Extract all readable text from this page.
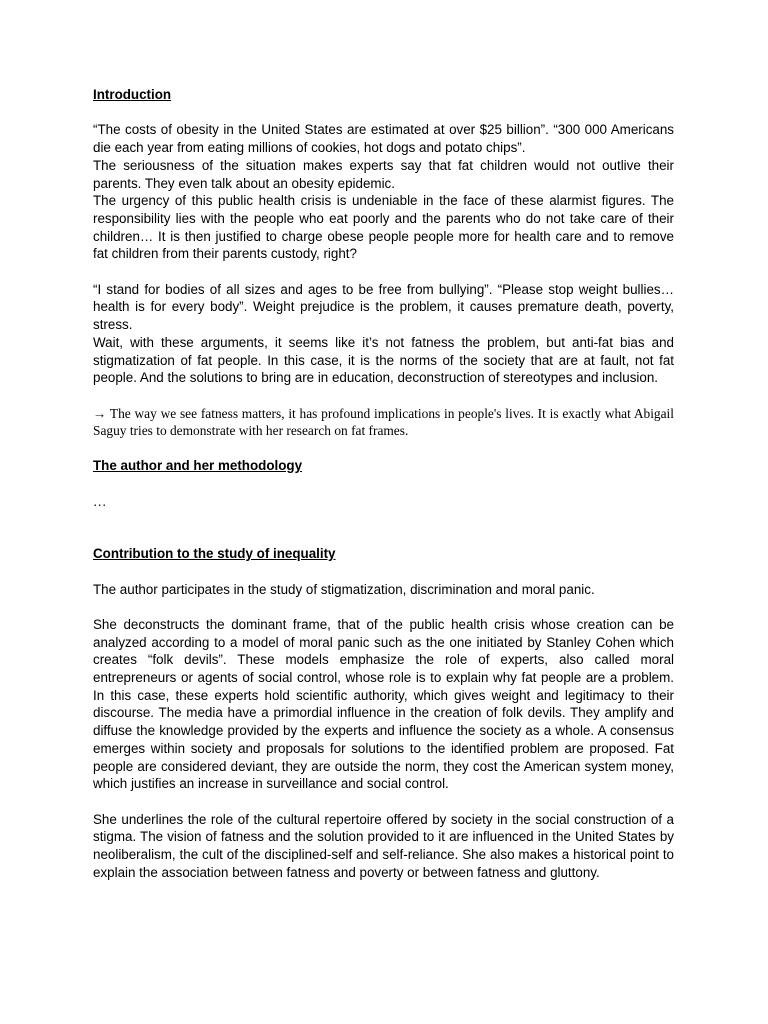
Introduction

“The costs of obesity in the United States are estimated at over $25 billion”. “300 000 Americans die each year from eating millions of cookies, hot dogs and potato chips”.

The seriousness of the situation makes experts say that fat children would not outlive their parents. They even talk about an obesity epidemic.

The urgency of this public health crisis is undeniable in the face of these alarmist figures. The responsibility lies with the people who eat poorly and the parents who do not take care of their children… It is then justified to charge obese people people more for health care and to remove fat children from their parents custody, right?

“I stand for bodies of all sizes and ages to be free from bullying”. “Please stop weight bullies…health is for every body”. Weight prejudice is the problem, it causes premature death, poverty, stress.

Wait, with these arguments, it seems like it’s not fatness the problem, but anti-fat bias and stigmatization of fat people. In this case, it is the norms of the society that are at fault, not fat people. And the solutions to bring are in education, deconstruction of stereotypes and inclusion.

→ The way we see fatness matters, it has profound implications in people's lives. It is exactly what Abigail Saguy tries to demonstrate with her research on fat frames.

The author and her methodology

…

Contribution to the study of inequality

The author participates in the study of stigmatization, discrimination and moral panic.

She deconstructs the dominant frame, that of the public health crisis whose creation can be analyzed according to a model of moral panic such as the one initiated by Stanley Cohen which creates “folk devils”. These models emphasize the role of experts, also called moral entrepreneurs or agents of social control, whose role is to explain why fat people are a problem. In this case, these experts hold scientific authority, which gives weight and legitimacy to their discourse. The media have a primordial influence in the creation of folk devils. They amplify and diffuse the knowledge provided by the experts and influence the society as a whole. A consensus emerges within society and proposals for solutions to the identified problem are proposed. Fat people are considered deviant, they are outside the norm, they cost the American system money, which justifies an increase in surveillance and social control.

She underlines the role of the cultural repertoire offered by society in the social construction of a stigma. The vision of fatness and the solution provided to it are influenced in the United States by neoliberalism, the cult of the disciplined-self and self-reliance. She also makes a historical point to explain the association between fatness and poverty or between fatness and gluttony.
